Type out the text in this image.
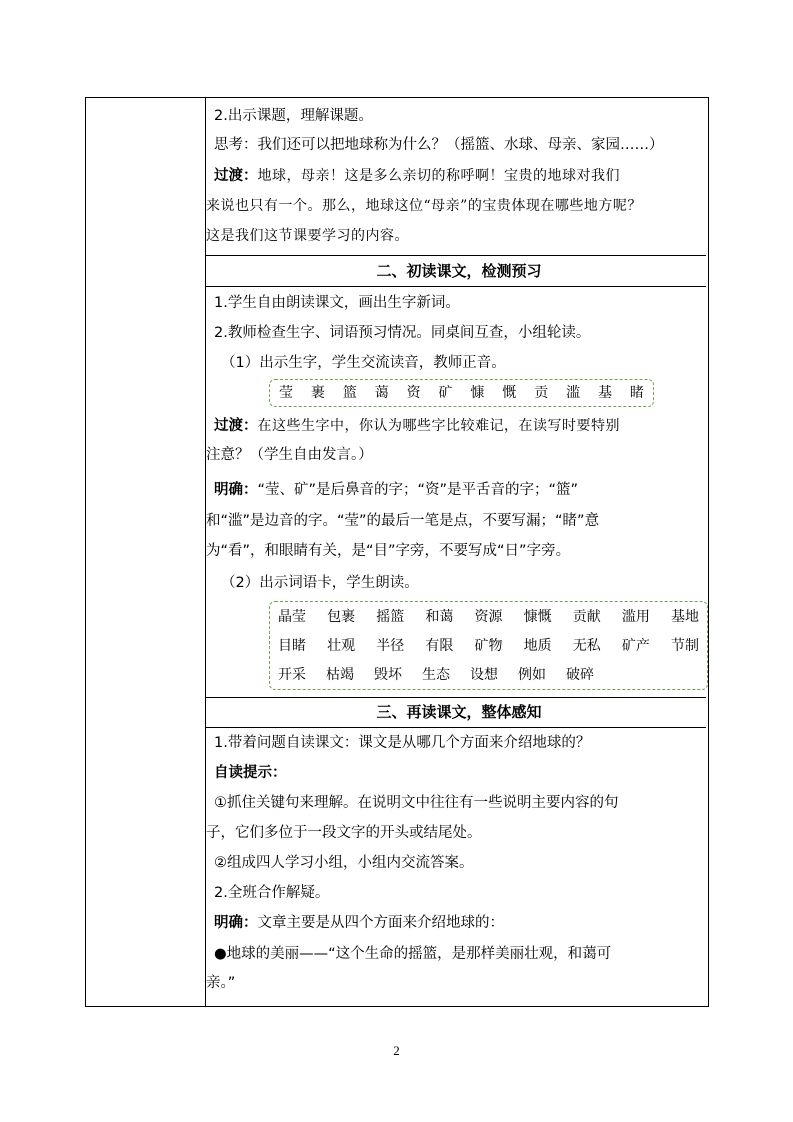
2.出示课题，理解课题。
思考：我们还可以把地球称为什么？（摇篮、水球、母亲、家园……）
过渡：地球，母亲！这是多么亲切的称呼啊！宝贵的地球对我们
来说也只有一个。那么，地球这位“母亲”的宝贵体现在哪些地方呢？
这是我们这节课要学习的内容。
二、初读课文，检测预习
1.学生自由朗读课文，画出生字新词。
2.教师检查生字、词语预习情况。同桌间互查，小组轮读。
（1）出示生字，学生交流读音，教师正音。
莹 裹 篮 蔼 资 矿 慷 慨 贡 滥 基 睹
过渡：在这些生字中，你认为哪些字比较难记，在读写时要特别
注意？（学生自由发言。）
明确：“莹、矿”是后鼻音的字；“资”是平舌音的字；“篮”
和“滥”是边音的字。“莹”的最后一笔是点，不要写漏；“睹”意
为“看”，和眼睛有关，是“目”字旁，不要写成“日”字旁。
（2）出示词语卡，学生朗读。
晶莹 包裹 摇篮 和蔼 资源 慷慨 贡献 滥用 基地
目睹 壮观 半径 有限 矿物 地质 无私 矿产 节制
开采 枯竭 毁坏 生态 设想 例如 破碎
三、再读课文，整体感知
1.带着问题自读课文：课文是从哪几个方面来介绍地球的？
自读提示：
①抓住关键句来理解。在说明文中往往有一些说明主要内容的句
子，它们多位于一段文字的开头或结尾处。
②组成四人学习小组，小组内交流答案。
2.全班合作解疑。
明确：文章主要是从四个方面来介绍地球的：
●地球的美丽——“这个生命的摇篮，是那样美丽壮观，和蔼可
亲。”
2
